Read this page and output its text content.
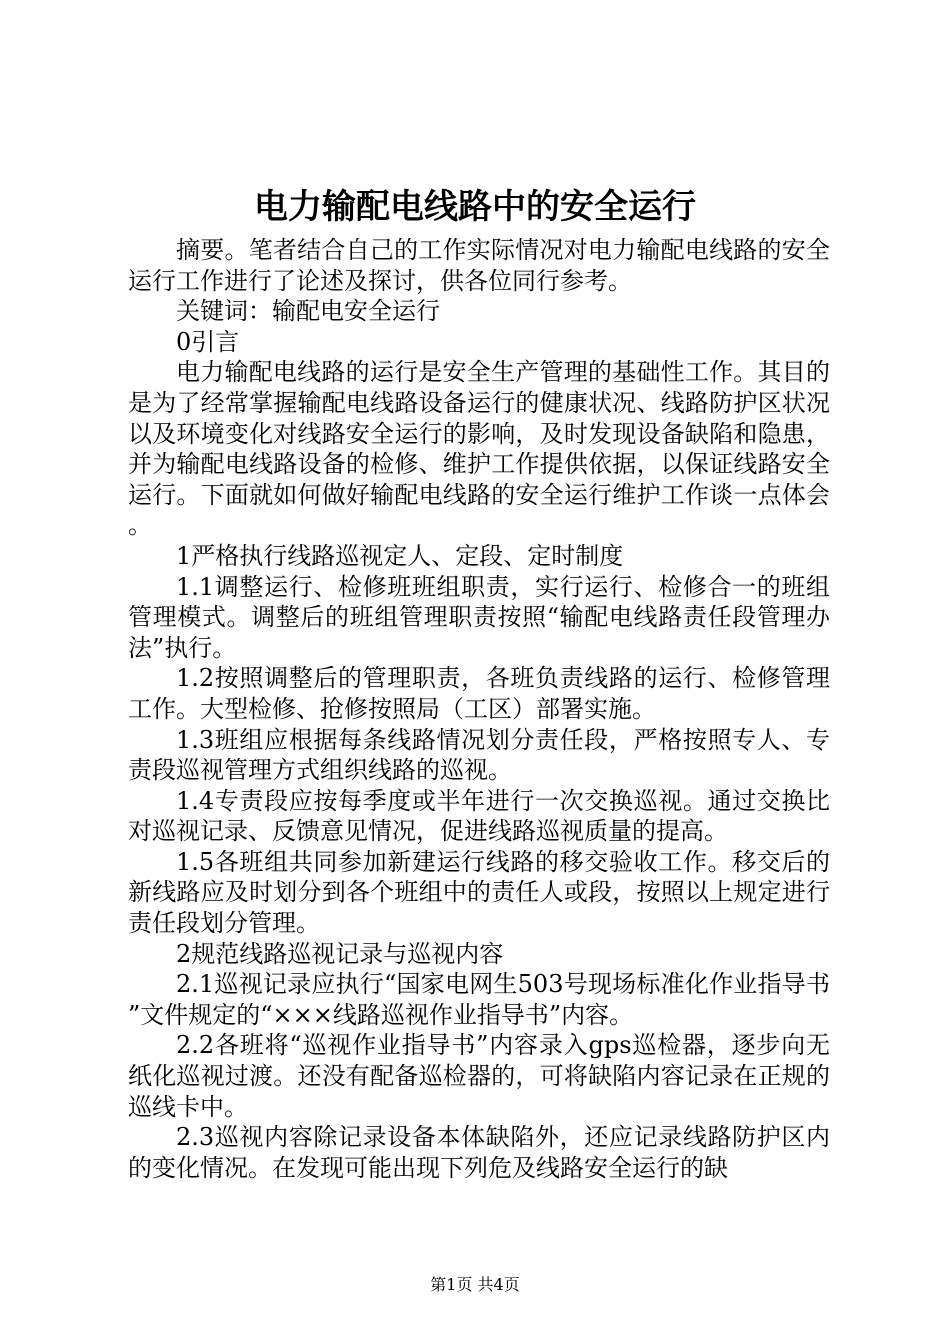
电力输配电线路中的安全运行

摘要。笔者结合自己的工作实际情况对电力输配电线路的安全运行工作进行了论述及探讨，供各位同行参考。

关键词：输配电安全运行

0引言

电力输配电线路的运行是安全生产管理的基础性工作。其目的是为了经常掌握输配电线路设备运行的健康状况、线路防护区状况以及环境变化对线路安全运行的影响，及时发现设备缺陷和隐患，并为输配电线路设备的检修、维护工作提供依据，以保证线路安全运行。下面就如何做好输配电线路的安全运行维护工作谈一点体会。

1严格执行线路巡视定人、定段、定时制度

1.1调整运行、检修班班组职责，实行运行、检修合一的班组管理模式。调整后的班组管理职责按照“输配电线路责任段管理办法”执行。

1.2按照调整后的管理职责，各班负责线路的运行、检修管理工作。大型检修、抢修按照局（工区）部署实施。

1.3班组应根据每条线路情况划分责任段，严格按照专人、专责段巡视管理方式组织线路的巡视。

1.4专责段应按每季度或半年进行一次交换巡视。通过交换比对巡视记录、反馈意见情况，促进线路巡视质量的提高。

1.5各班组共同参加新建运行线路的移交验收工作。移交后的新线路应及时划分到各个班组中的责任人或段，按照以上规定进行责任段划分管理。

2规范线路巡视记录与巡视内容

2.1巡视记录应执行“国家电网生503号现场标准化作业指导书”文件规定的“×××线路巡视作业指导书”内容。

2.2各班将“巡视作业指导书”内容录入gps巡检器，逐步向无纸化巡视过渡。还没有配备巡检器的，可将缺陷内容记录在正规的巡线卡中。

2.3巡视内容除记录设备本体缺陷外，还应记录线路防护区内的变化情况。在发现可能出现下列危及线路安全运行的缺

第1页 共4页
